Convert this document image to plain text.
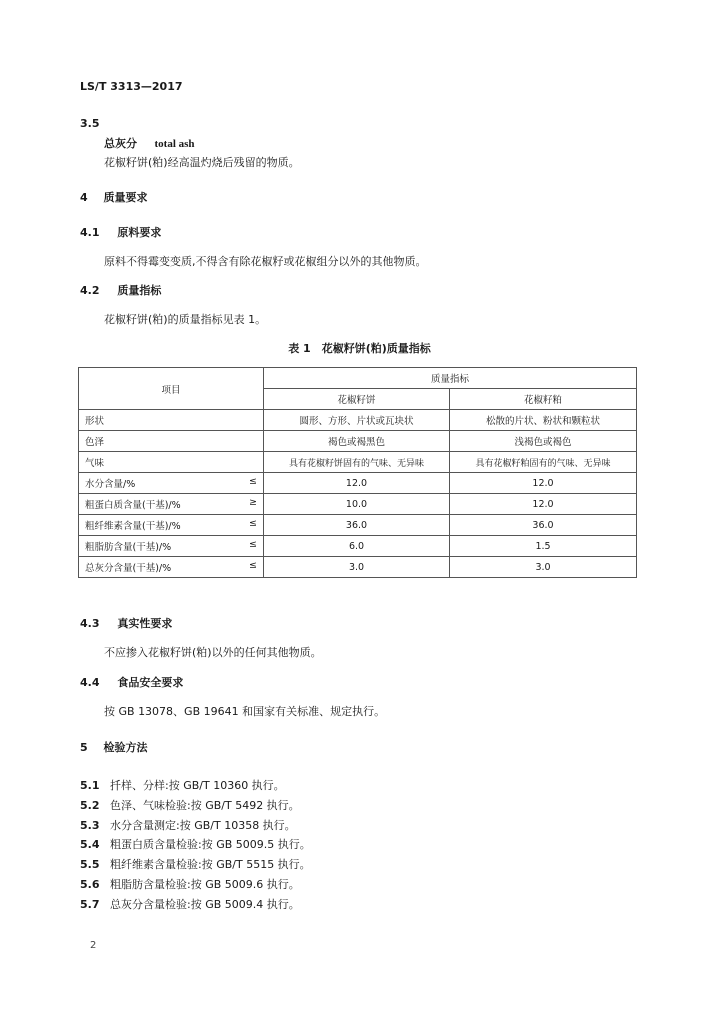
LS/T 3313—2017
3.5
总灰分 total ash
花椒籽饼(粕)经高温灼烧后残留的物质。
4 质量要求
4.1 原料要求
原料不得霉变变质,不得含有除花椒籽或花椒组分以外的其他物质。
4.2 质量指标
花椒籽饼(粕)的质量指标见表 1。
表 1　花椒籽饼(粕)质量指标
项目	质量指标	
	花椒籽饼	花椒籽粕

形状	圆形、方形、片状或瓦块状	松散的片状、粉状和颗粒状

色泽	褐色或褐黑色	浅褐色或褐色

气味	具有花椒籽饼固有的气味、无异味	具有花椒籽粕固有的气味、无异味

水分含量/% ≤	12.0	12.0

粗蛋白质含量(干基)/% ≥	10.0	12.0

粗纤维素含量(干基)/% ≤	36.0	36.0

粗脂肪含量(干基)/% ≤	6.0	1.5

总灰分含量(干基)/% ≤	3.0	3.0
4.3 真实性要求
不应掺入花椒籽饼(粕)以外的任何其他物质。
4.4 食品安全要求
按 GB 13078、GB 19641 和国家有关标准、规定执行。
5 检验方法
5.1 扦样、分样:按 GB/T 10360 执行。
5.2 色泽、气味检验:按 GB/T 5492 执行。
5.3 水分含量测定:按 GB/T 10358 执行。
5.4 粗蛋白质含量检验:按 GB 5009.5 执行。
5.5 粗纤维素含量检验:按 GB/T 5515 执行。
5.6 粗脂肪含量检验:按 GB 5009.6 执行。
5.7 总灰分含量检验:按 GB 5009.4 执行。
2
